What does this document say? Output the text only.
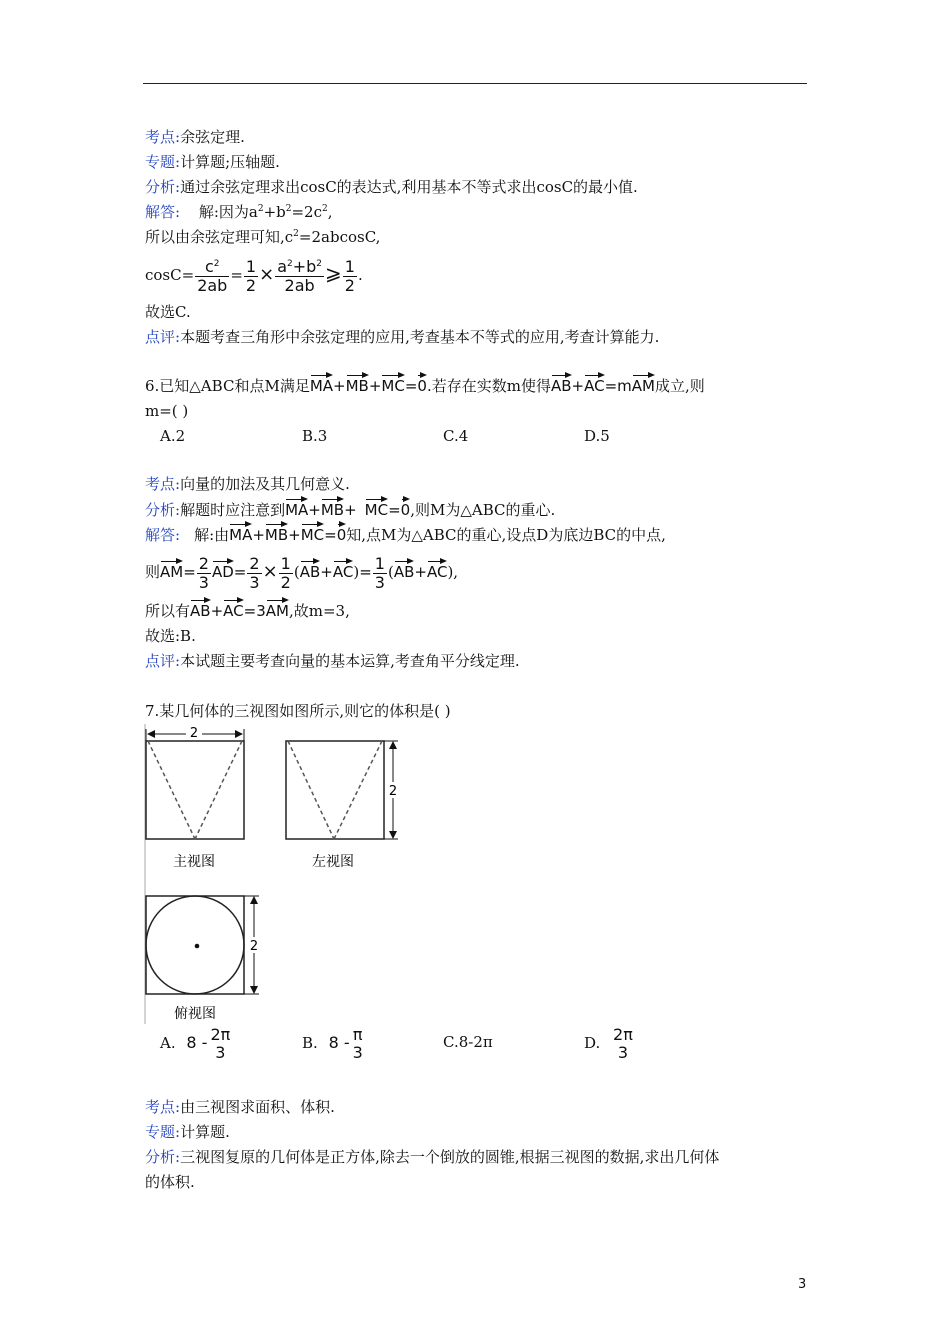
考点:余弦定理.
专题:计算题;压轴题.
分析:通过余弦定理求出cosC的表达式,利用基本不等式求出cosC的最小值.
解答: 解:因为$a^2+b^2=2c^2$,
所以由余弦定理可知$,c^2=2abcosC$,
$\cos C= \frac{c^2}{2ab} = \frac{1}{2} \times \frac{a^2+b^2}{2ab}$ ⩾ $\frac{1}{2}$ .
故选C.
点评:本题考查三角形中余弦定理的应用,考查基本不等式的应用,考查计算能力.
6.已知△ABC和点M满足MA+MB+MC=0.若存在实数m使得AB+AC=mAM成立,则
m=( )
A.2	B.3	C.4	D.5
考点:向量的加法及其几何意义.
分析:解题时应注意到MA+MB+ MC=0,则M为△ABC的重心.
解答: 解:由MA+MB+MC=0知,点M为△ABC的重心,设点D为底边BC的中点,
则$AM= \frac{2}{3} AD= \frac{2}{3} \times \frac{1}{2} (AB+AC)= \frac{1}{3} (AB+AC)$,
所以有AB+AC=3AM,故m=3,
故选:B.
点评:本试题主要考查向量的基本运算,考查角平分线定理.
7.某几何体的三视图如图所示,则它的体积是( )
2
主视图
2
左视图
2
俯视图
A. 8 - 2π
3	B. 8 - π
3
C.8-2π	D. 2π
3
考点:由三视图求面积、体积.
专题:计算题.
分析:三视图复原的几何体是正方体,除去一个倒放的圆锥,根据三视图的数据,求出几何体
的体积.
3
